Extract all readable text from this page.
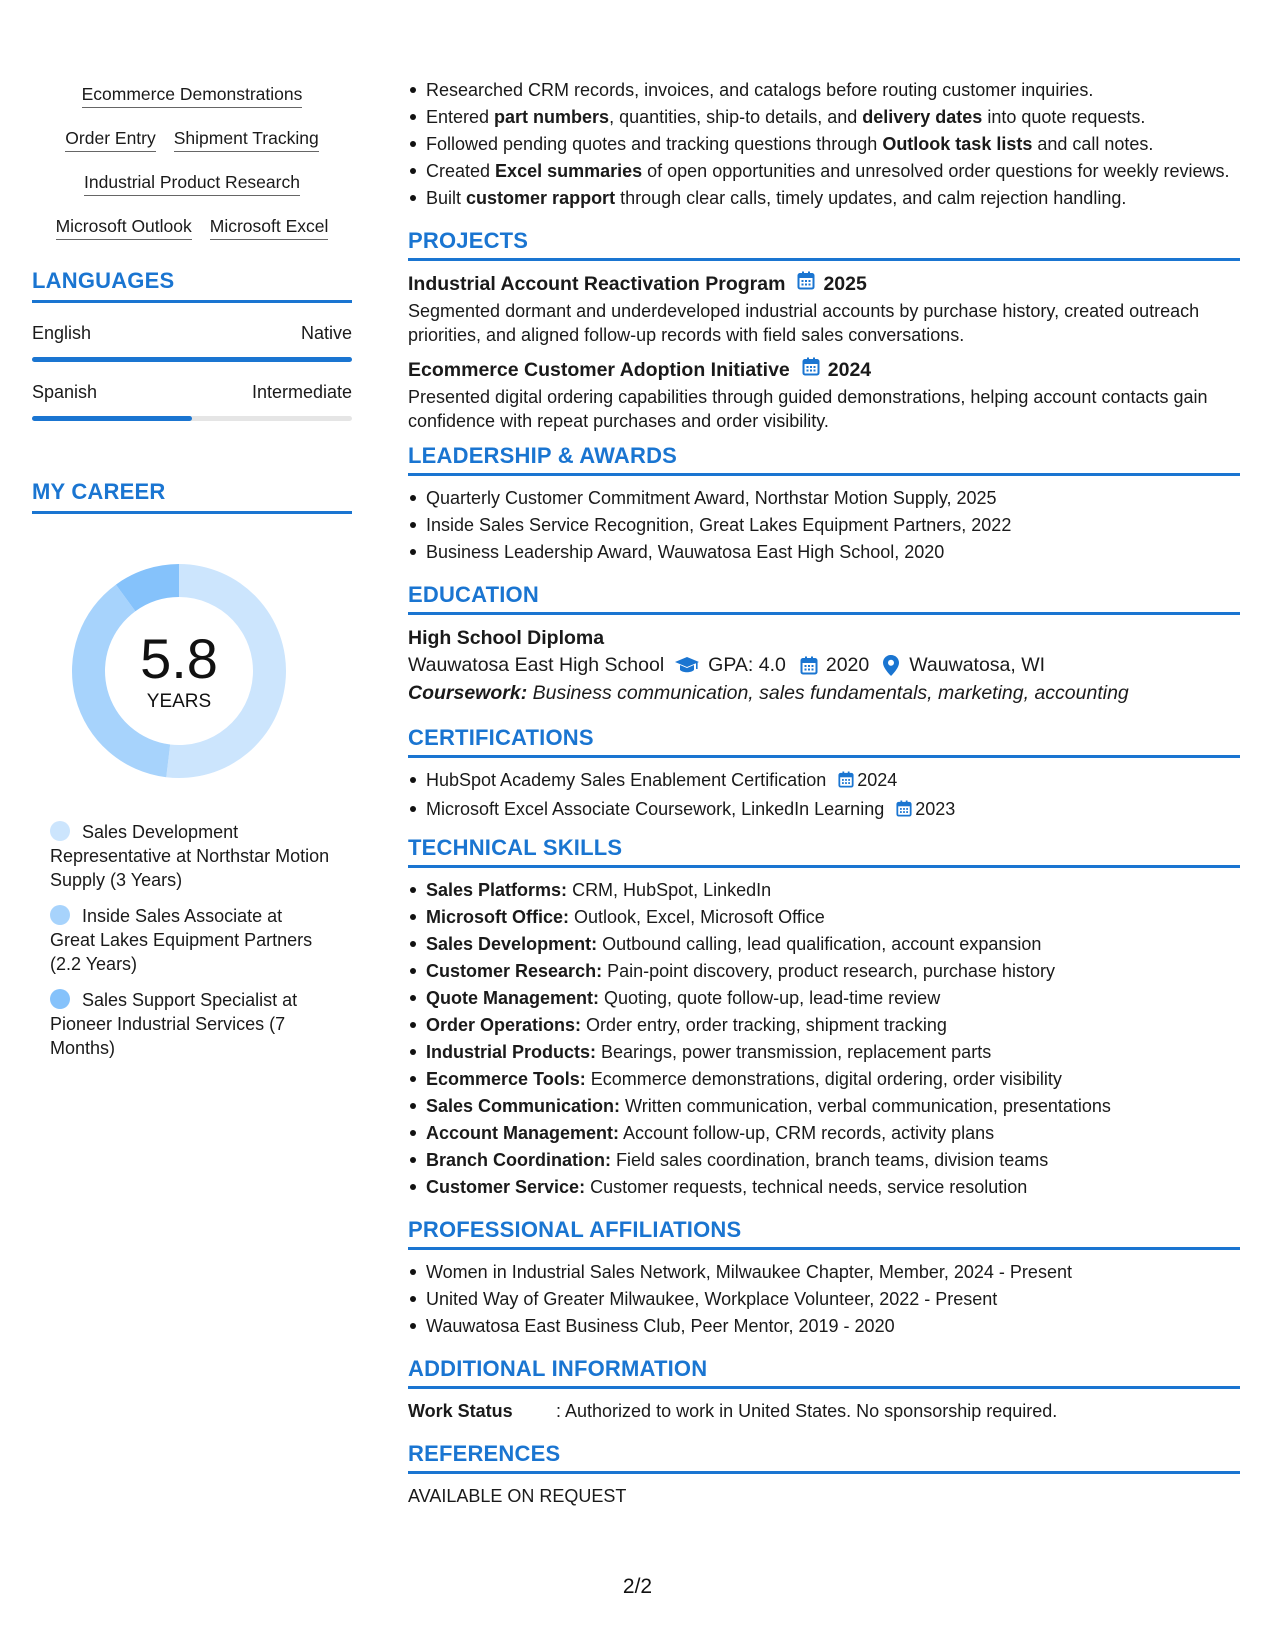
Ecommerce Demonstrations
Order Entry Shipment Tracking
Industrial Product Research
Microsoft Outlook Microsoft Excel
LANGUAGES
English	Native
Spanish	Intermediate
MY CAREER
5.8
YEARS
Sales Development Representative at Northstar Motion Supply (3 Years)
Inside Sales Associate at Great Lakes Equipment Partners (2.2 Years)
Sales Support Specialist at Pioneer Industrial Services (7 Months)
Researched CRM records, invoices, and catalogs before routing customer inquiries.
Entered part numbers, quantities, ship-to details, and delivery dates into quote requests.
Followed pending quotes and tracking questions through Outlook task lists and call notes.
Created Excel summaries of open opportunities and unresolved order questions for weekly reviews.
Built customer rapport through clear calls, timely updates, and calm rejection handling.
PROJECTS
Industrial Account Reactivation Program 2025
Segmented dormant and underdeveloped industrial accounts by purchase history, created outreach priorities, and aligned follow-up records with field sales conversations.
Ecommerce Customer Adoption Initiative 2024
Presented digital ordering capabilities through guided demonstrations, helping account contacts gain confidence with repeat purchases and order visibility.
LEADERSHIP & AWARDS
Quarterly Customer Commitment Award, Northstar Motion Supply, 2025
Inside Sales Service Recognition, Great Lakes Equipment Partners, 2022
Business Leadership Award, Wauwatosa East High School, 2020
EDUCATION
High School Diploma
Wauwatosa East High School GPA: 4.0 2020 Wauwatosa, WI
Coursework: Business communication, sales fundamentals, marketing, accounting
CERTIFICATIONS
HubSpot Academy Sales Enablement Certification 2024
Microsoft Excel Associate Coursework, LinkedIn Learning 2023
TECHNICAL SKILLS
Sales Platforms: CRM, HubSpot, LinkedIn
Microsoft Office: Outlook, Excel, Microsoft Office
Sales Development: Outbound calling, lead qualification, account expansion
Customer Research: Pain-point discovery, product research, purchase history
Quote Management: Quoting, quote follow-up, lead-time review
Order Operations: Order entry, order tracking, shipment tracking
Industrial Products: Bearings, power transmission, replacement parts
Ecommerce Tools: Ecommerce demonstrations, digital ordering, order visibility
Sales Communication: Written communication, verbal communication, presentations
Account Management: Account follow-up, CRM records, activity plans
Branch Coordination: Field sales coordination, branch teams, division teams
Customer Service: Customer requests, technical needs, service resolution
PROFESSIONAL AFFILIATIONS
Women in Industrial Sales Network, Milwaukee Chapter, Member, 2024 - Present
United Way of Greater Milwaukee, Workplace Volunteer, 2022 - Present
Wauwatosa East Business Club, Peer Mentor, 2019 - 2020
ADDITIONAL INFORMATION
Work Status	: Authorized to work in United States. No sponsorship required.
REFERENCES
AVAILABLE ON REQUEST
2/2
